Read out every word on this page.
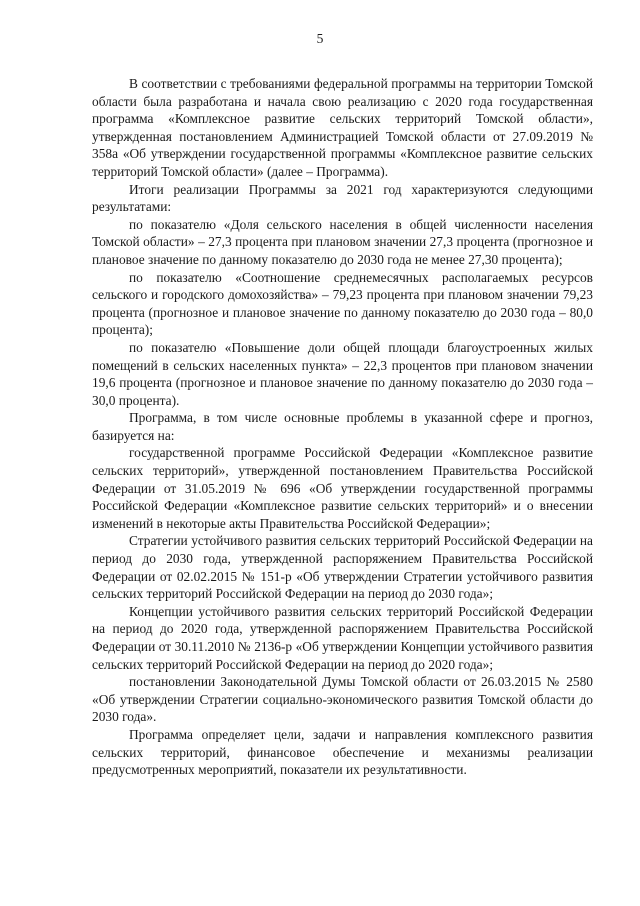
5

В соответствии с требованиями федеральной программы на территории Томской области была разработана и начала свою реализацию с 2020 года государственная программа «Комплексное развитие сельских территорий Томской области», утвержденная постановлением Администрацией Томской области от 27.09.2019 № 358а «Об утверждении государственной программы «Комплексное развитие сельских территорий Томской области» (далее – Программа).

Итоги реализации Программы за 2021 год характеризуются следующими результатами:

по показателю «Доля сельского населения в общей численности населения Томской области» – 27,3 процента при плановом значении 27,3 процента (прогнозное и плановое значение по данному показателю до 2030 года не менее 27,30 процента);

по показателю «Соотношение среднемесячных располагаемых ресурсов сельского и городского домохозяйства» – 79,23 процента при плановом значении 79,23 процента (прогнозное и плановое значение по данному показателю до 2030 года – 80,0 процента);

по показателю «Повышение доли общей площади благоустроенных жилых помещений в сельских населенных пункта» – 22,3 процентов при плановом значении 19,6 процента (прогнозное и плановое значение по данному показателю до 2030 года – 30,0 процента).

Программа, в том числе основные проблемы в указанной сфере и прогноз, базируется на:

государственной программе Российской Федерации «Комплексное развитие сельских территорий», утвержденной постановлением Правительства Российской Федерации от 31.05.2019 № 696 «Об утверждении государственной программы Российской Федерации «Комплексное развитие сельских территорий» и о внесении изменений в некоторые акты Правительства Российской Федерации»;

Стратегии устойчивого развития сельских территорий Российской Федерации на период до 2030 года, утвержденной распоряжением Правительства Российской Федерации от 02.02.2015 № 151-р «Об утверждении Стратегии устойчивого развития сельских территорий Российской Федерации на период до 2030 года»;

Концепции устойчивого развития сельских территорий Российской Федерации на период до 2020 года, утвержденной распоряжением Правительства Российской Федерации от 30.11.2010 № 2136-р «Об утверждении Концепции устойчивого развития сельских территорий Российской Федерации на период до 2020 года»;

постановлении Законодательной Думы Томской области от 26.03.2015 № 2580 «Об утверждении Стратегии социально-экономического развития Томской области до 2030 года».

Программа определяет цели, задачи и направления комплексного развития сельских территорий, финансовое обеспечение и механизмы реализации предусмотренных мероприятий, показатели их результативности.
